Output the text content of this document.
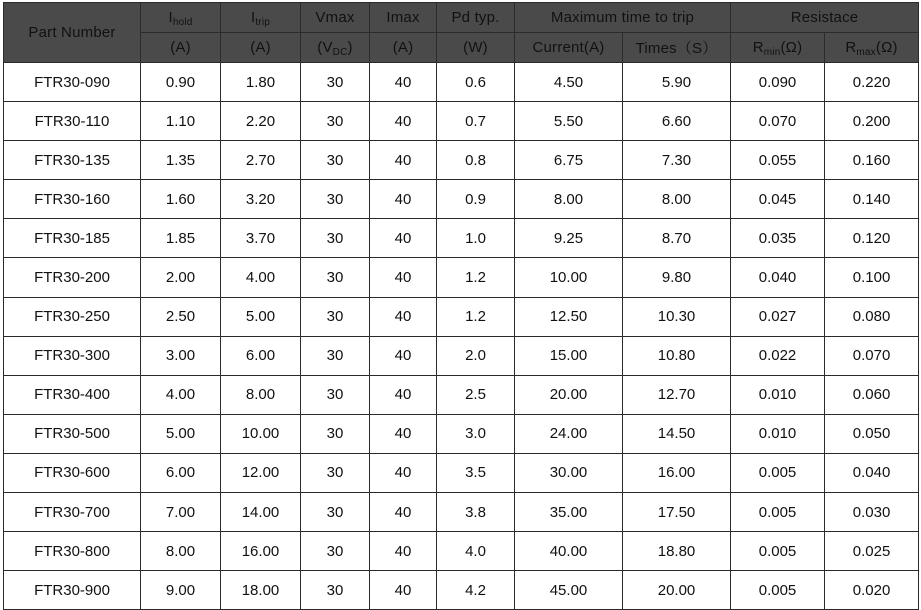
Part Number	$I_{hold}$	$I_{trip}$	Vmax	Imax	Pd typ.	Maximum time to trip		Resistace	
	(A)	(A)	$(V_{DC})$	(A)	(W)	Current(A)	Times（S）	$R_{min}(\Omega)$	$R_{max}(\Omega)$
FTR30-090	0.90	1.80	30	40	0.6	4.50	5.90	0.090	0.220
FTR30-110	1.10	2.20	30	40	0.7	5.50	6.60	0.070	0.200
FTR30-135	1.35	2.70	30	40	0.8	6.75	7.30	0.055	0.160
FTR30-160	1.60	3.20	30	40	0.9	8.00	8.00	0.045	0.140
FTR30-185	1.85	3.70	30	40	1.0	9.25	8.70	0.035	0.120
FTR30-200	2.00	4.00	30	40	1.2	10.00	9.80	0.040	0.100
FTR30-250	2.50	5.00	30	40	1.2	12.50	10.30	0.027	0.080
FTR30-300	3.00	6.00	30	40	2.0	15.00	10.80	0.022	0.070
FTR30-400	4.00	8.00	30	40	2.5	20.00	12.70	0.010	0.060
FTR30-500	5.00	10.00	30	40	3.0	24.00	14.50	0.010	0.050
FTR30-600	6.00	12.00	30	40	3.5	30.00	16.00	0.005	0.040
FTR30-700	7.00	14.00	30	40	3.8	35.00	17.50	0.005	0.030
FTR30-800	8.00	16.00	30	40	4.0	40.00	18.80	0.005	0.025
FTR30-900	9.00	18.00	30	40	4.2	45.00	20.00	0.005	0.020
